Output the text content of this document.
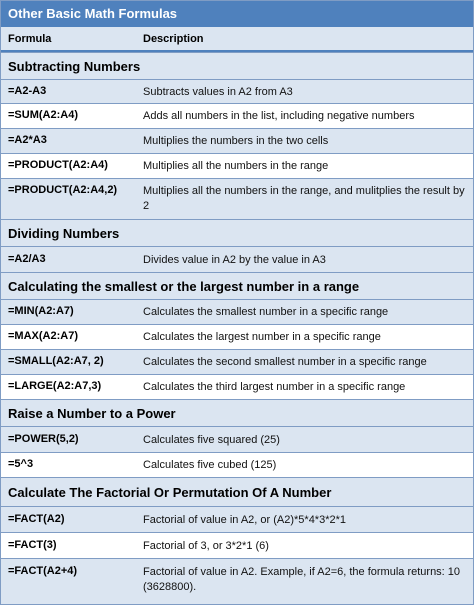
Other Basic Math Formulas
Formula	Description
Subtracting Numbers
=A2-A3	Subtracts values in A2 from A3
=SUM(A2:A4)	Adds all numbers in the list, including negative numbers
=A2*A3	Multiplies the numbers in the two cells
=PRODUCT(A2:A4)	Multiplies all the numbers in the range
=PRODUCT(A2:A4,2) Multiplies all the numbers in the range, and mulitplies the result by 2
Dividing Numbers
=A2/A3	Divides value in A2 by the value in A3
Calculating the smallest or the largest number in a range
=MIN(A2:A7)	Calculates the smallest number in a specific range
=MAX(A2:A7)	Calculates the largest number in a specific range
=SMALL(A2:A7, 2)	Calculates the second smallest number in a specific range
=LARGE(A2:A7,3)	Calculates the third largest number in a specific range
Raise a Number to a Power
=POWER(5,2)	Calculates five squared (25)
=5^3	Calculates five cubed (125)
Calculate The Factorial Or Permutation Of A Number
=FACT(A2)	Factorial of value in A2, or (A2)*5*4*3*2*1
=FACT(3)	Factorial of 3, or 3*2*1 (6)
=FACT(A2+4)	Factorial of value in A2. Example, if A2=6, the formula returns: 10 (3628800).
